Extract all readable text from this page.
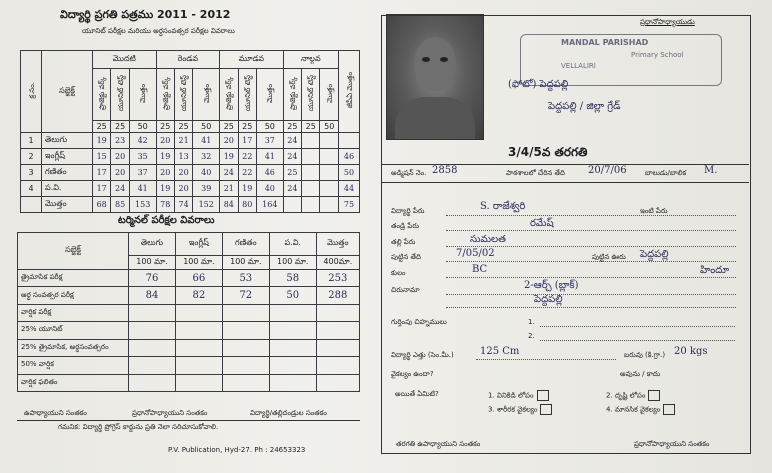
విద్యార్థి ప్రగతి పత్రము 2011 - 2012
యూనిట్ పరీక్షల మరియు అర్ధసంవత్సర పరీక్షల వివరాలు
క్ర.సం.	సబ్జెక్ట్	మొదటి			రెండవ			మూడవ			నాల్గవ			జీపీఏ మొత్తం
		ప్రాజెక్టు వర్క్	యూనిట్ టెస్ట్	మొత్తం	ప్రాజెక్టు వర్క్	యూనిట్ టెస్ట్	మొత్తం	ప్రాజెక్టు వర్క్	యూనిట్ టెస్ట్	మొత్తం	ప్రాజెక్టు వర్క్	యూనిట్ టెస్ట్	మొత్తం	
		25	25	50	25	25	50	25	25	50	25	25	50	
1	తెలుగు	19	23	42	20	21	41	20	17	37	24			
2	ఇంగ్లీష్	15	20	35	19	13	32	19	22	41	24			46
3	గణితం	17	20	37	20	20	40	24	22	46	25			50
4	ప.వి.	17	24	41	19	20	39	21	19	40	24			44
	మొత్తం	68	85	153	78	74	152	84	80	164				75
టర్మినల్ పరీక్షల వివరాలు
సబ్జెక్ట్	తెలుగు	ఇంగ్లీష్	గణితం	ప.వి.	మొత్తం
	100 మా.	100 మా.	100 మా.	100 మా.	400మా.
త్రైమాసిక పరీక్ష	76	66	53	58	253
అర్ధ సంవత్సర పరీక్ష	84	82	72	50	288
వార్షిక పరీక్ష					
25% యూనిట్					
25% త్రైమాసిక, అర్ధసంవత్సరం					
50% వార్షిక					
వార్షిక ఫలితం					
ఉపాధ్యాయుని సంతకం	ప్రధానోపాధ్యాయుని సంతకం	విద్యార్థి/తల్లిదండ్రుల సంతకం
గమనిక: విద్యార్థి ప్రోగ్రెస్ కార్డును ప్రతి నెలా సరిచూసుకోవాలి.
P.V. Publication, Hyd-27. Ph : 24653323
ప్రధానోపాధ్యాయుడు
MANDAL PARISHAD
Primary School
VELLALIRI
(ఫోటో) పెద్దపల్లి
పెద్దపల్లి / జిల్లా గ్రేడ్
3/4/5వ తరగతి
అడ్మిషన్ నెం. 2858	పాఠశాలలో చేరిన తేది 20/7/06	బాలుడు/బాలిక M.
విద్యార్థి పేరు	S. రాజేశ్వరి	ఇంటి పేరు
తండ్రి పేరు	రమేష్
తల్లి పేరు	సుమలత
పుట్టిన తేది	7/05/02	పుట్టిన ఊరు పెద్దపల్లి
కులం	BC	హిందూ
చిరునామా	2-ఆర్చ్ (బ్లాక్)
పెద్దపల్లి
గుర్తింపు చిహ్నములు	1.
2.
విద్యార్థి ఎత్తు (సెం.మీ.)	125 Cm	బరువు (కి.గ్రా.) 20 kgs
వైకల్యం ఉందా?	అవును / కాదు
అయితే ఏమిటి?	1. వినికిడి లోపం	2. దృష్టి లోపం
3. శారీరక వైకల్యం	4. మానసిక వైకల్యం
తరగతి ఉపాధ్యాయుని సంతకం	ప్రధానోపాధ్యాయుని సంతకం
